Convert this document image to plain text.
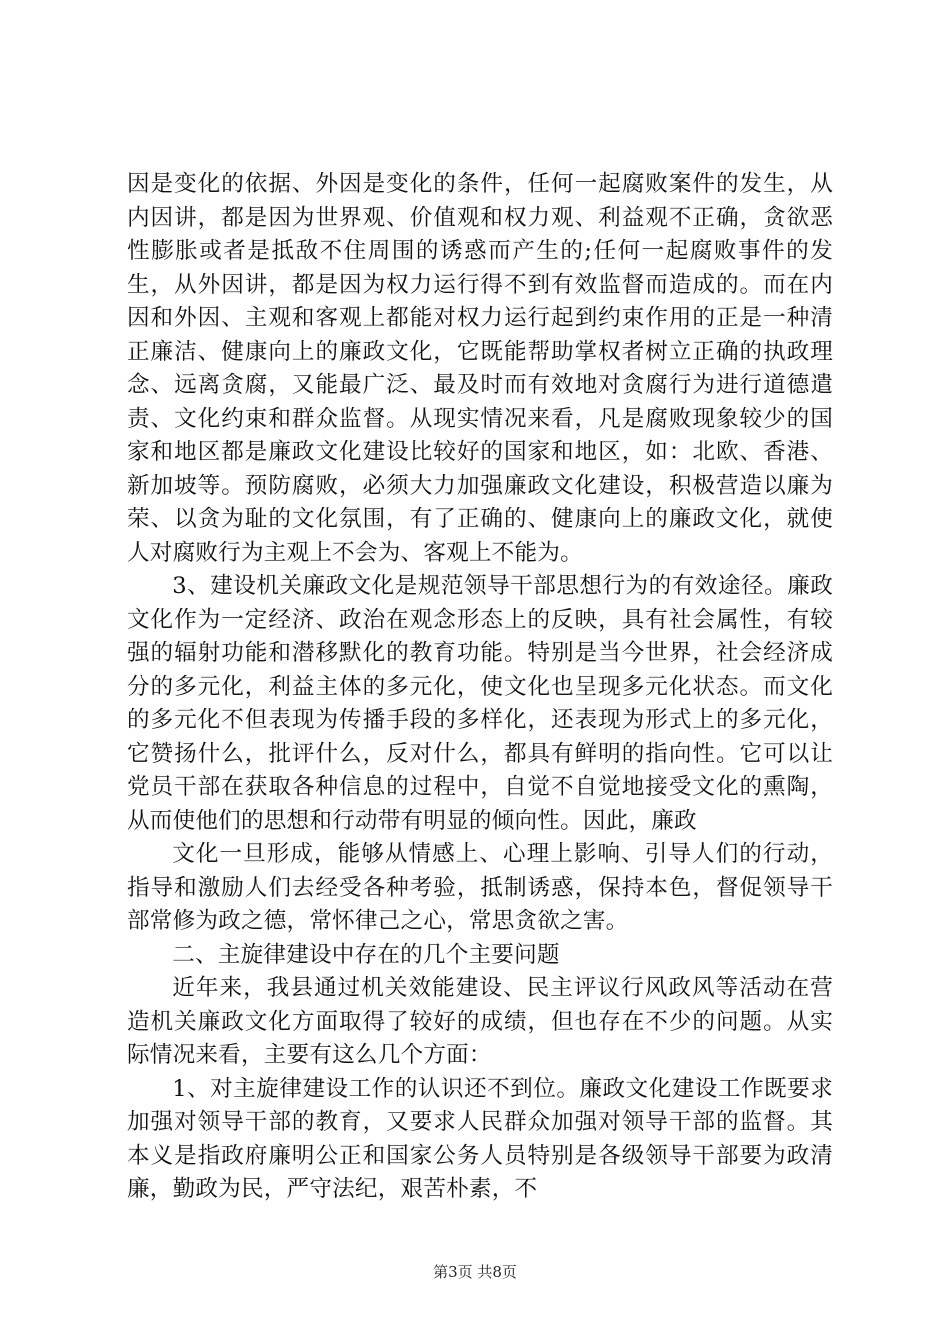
因是变化的依据、外因是变化的条件，任何一起腐败案件的发生，从内因讲，都是因为世界观、价值观和权力观、利益观不正确，贪欲恶性膨胀或者是抵敌不住周围的诱惑而产生的;任何一起腐败事件的发生，从外因讲，都是因为权力运行得不到有效监督而造成的。而在内因和外因、主观和客观上都能对权力运行起到约束作用的正是一种清正廉洁、健康向上的廉政文化，它既能帮助掌权者树立正确的执政理念、远离贪腐，又能最广泛、最及时而有效地对贪腐行为进行道德遣责、文化约束和群众监督。从现实情况来看，凡是腐败现象较少的国家和地区都是廉政文化建设比较好的国家和地区，如：北欧、香港、新加坡等。预防腐败，必须大力加强廉政文化建设，积极营造以廉为荣、以贪为耻的文化氛围，有了正确的、健康向上的廉政文化，就使人对腐败行为主观上不会为、客观上不能为。

3、建设机关廉政文化是规范领导干部思想行为的有效途径。廉政文化作为一定经济、政治在观念形态上的反映，具有社会属性，有较强的辐射功能和潜移默化的教育功能。特别是当今世界，社会经济成分的多元化，利益主体的多元化，使文化也呈现多元化状态。而文化的多元化不但表现为传播手段的多样化，还表现为形式上的多元化，它赞扬什么，批评什么，反对什么，都具有鲜明的指向性。它可以让党员干部在获取各种信息的过程中，自觉不自觉地接受文化的熏陶，从而使他们的思想和行动带有明显的倾向性。因此，廉政

文化一旦形成，能够从情感上、心理上影响、引导人们的行动，指导和激励人们去经受各种考验，抵制诱惑，保持本色，督促领导干部常修为政之德，常怀律己之心，常思贪欲之害。

二、主旋律建设中存在的几个主要问题

近年来，我县通过机关效能建设、民主评议行风政风等活动在营造机关廉政文化方面取得了较好的成绩，但也存在不少的问题。从实际情况来看，主要有这么几个方面：

1、对主旋律建设工作的认识还不到位。廉政文化建设工作既要求加强对领导干部的教育，又要求人民群众加强对领导干部的监督。其本义是指政府廉明公正和国家公务人员特别是各级领导干部要为政清廉，勤政为民，严守法纪，艰苦朴素，不

第3页 共8页
